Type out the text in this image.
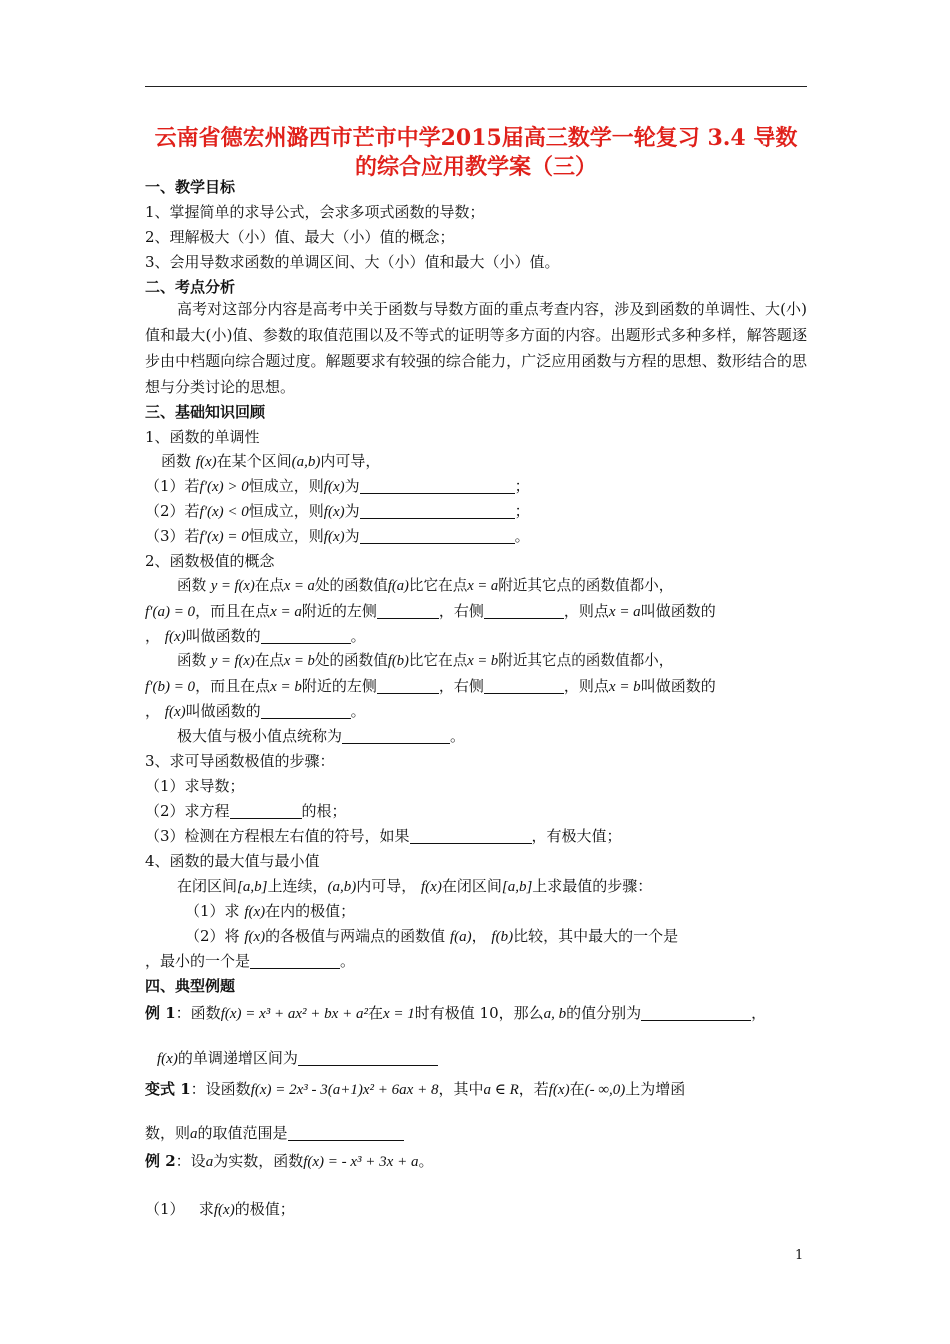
云南省德宏州潞西市芒市中学2015届高三数学一轮复习 3.4 导数的综合应用教学案（三）
一、教学目标
1、掌握简单的求导公式，会求多项式函数的导数；
2、理解极大（小）值、最大（小）值的概念；
3、会用导数求函数的单调区间、大（小）值和最大（小）值。
二、考点分析
高考对这部分内容是高考中关于函数与导数方面的重点考查内容，涉及到函数的单调性、大(小)值和最大(小)值、参数的取值范围以及不等式的证明等多方面的内容。出题形式多种多样，解答题逐步由中档题向综合题过度。解题要求有较强的综合能力，广泛应用函数与方程的思想、数形结合的思想与分类讨论的思想。
三、基础知识回顾
1、函数的单调性
函数 f(x)在某个区间(a,b)内可导，
（1）若f′(x) > 0恒成立，则f(x)为	；
（2）若f′(x) < 0恒成立，则f(x)为	；
（3）若f′(x) = 0恒成立，则f(x)为	。
2、函数极值的概念
函数 y = f(x)在点x = a处的函数值f(a)比它在点x = a附近其它点的函数值都小，
f′(a) = 0，而且在点x = a附近的左侧	，右侧	，则点x = a叫做函数的
， f(x)叫做函数的	。
函数 y = f(x)在点x = b处的函数值f(b)比它在点x = b附近其它点的函数值都小，
f′(b) = 0，而且在点x = b附近的左侧	，右侧	，则点x = b叫做函数的
， f(x)叫做函数的	。
极大值与极小值点统称为	。
3、求可导函数极值的步骤：
（1）求导数；
（2）求方程	的根；
（3）检测在方程根左右值的符号，如果	，有极大值；
4、函数的最大值与最小值
在闭区间[a,b]上连续，(a,b)内可导， f(x)在闭区间[a,b]上求最值的步骤：
（1）求 f(x)在内的极值；
（2）将 f(x)的各极值与两端点的函数值 f(a)， f(b)比较，其中最大的一个是
，最小的一个是	。
四、典型例题
例 1：函数f(x) = x³ + ax² + bx + a²在x = 1时有极值 10，那么a, b的值分别为	，
f(x)的单调递增区间为
变式 1：设函数f(x) = 2x³ - 3(a+1)x² + 6ax + 8，其中a ∈ R，若f(x)在(- ∞,0)上为增函
数，则a的取值范围是
例 2：设a为实数，函数f(x) = - x³ + 3x + a。
（1） 求f(x)的极值；
1
